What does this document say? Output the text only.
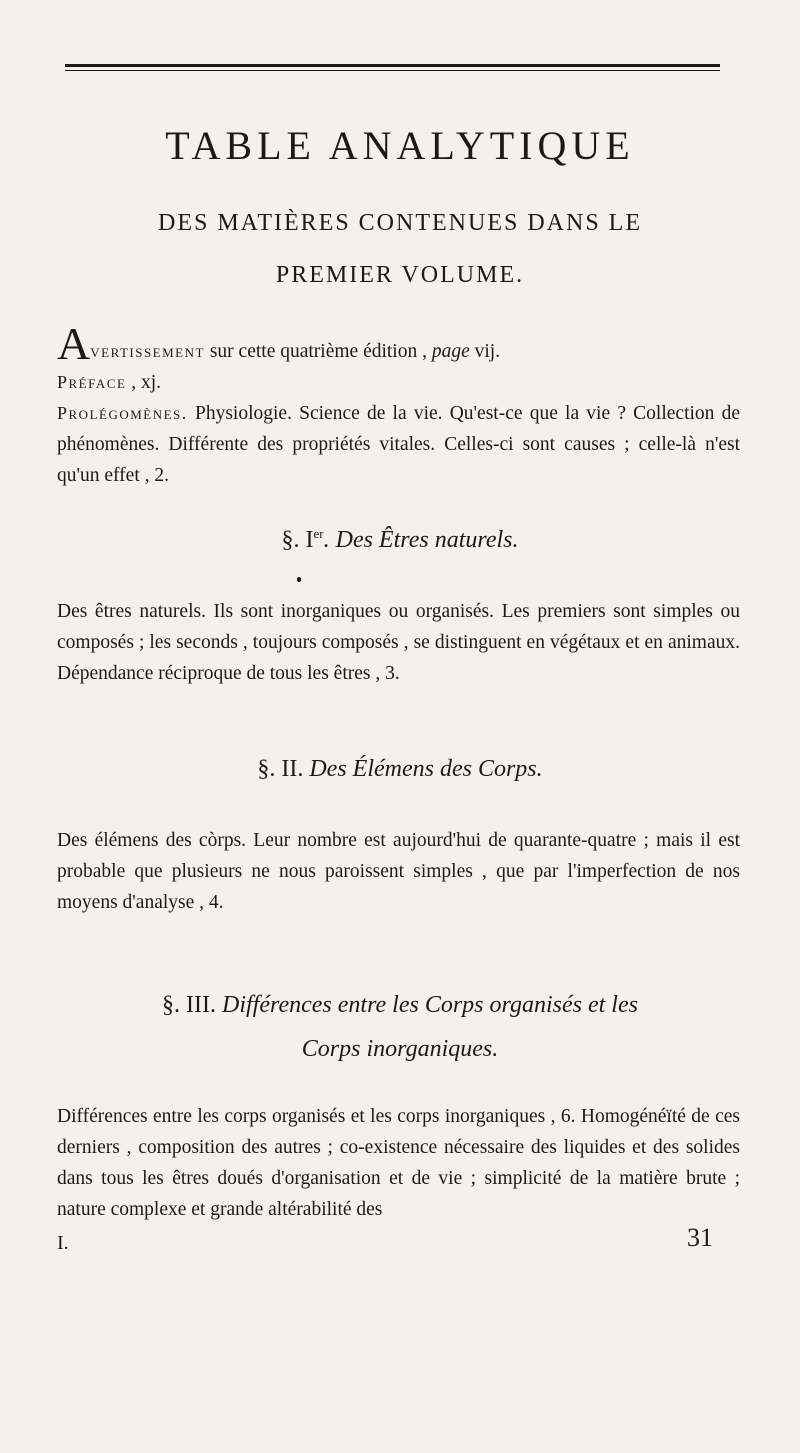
TABLE ANALYTIQUE
DES MATIÈRES CONTENUES DANS LE
PREMIER VOLUME.
Avertissement sur cette quatrième édition , page vij.
Préface , xj.
Prolégomènes. Physiologie. Science de la vie. Qu'est-ce que la vie ? Collection de phénomènes. Différente des propriétés vitales. Celles-ci sont causes ; celle-là n'est qu'un effet , 2.
§. Ier. Des Êtres naturels.
Des êtres naturels. Ils sont inorganiques ou organisés. Les premiers sont simples ou composés ; les seconds , toujours composés , se distinguent en végétaux et en animaux. Dépendance réciproque de tous les êtres , 3.
§. II. Des Élémens des Corps.
Des élémens des còrps. Leur nombre est aujourd'hui de quarante-quatre ; mais il est probable que plusieurs ne nous paroissent simples , que par l'imperfection de nos moyens d'analyse , 4.
§. III. Différences entre les Corps organisés et les
Corps inorganiques.
Différences entre les corps organisés et les corps inorganiques , 6. Homogénéïté de ces derniers , composition des autres ; co-existence nécessaire des liquides et des solides dans tous les êtres doués d'organisation et de vie ; simplicité de la matière brute ; nature complexe et grande altérabilité des
I.	31
